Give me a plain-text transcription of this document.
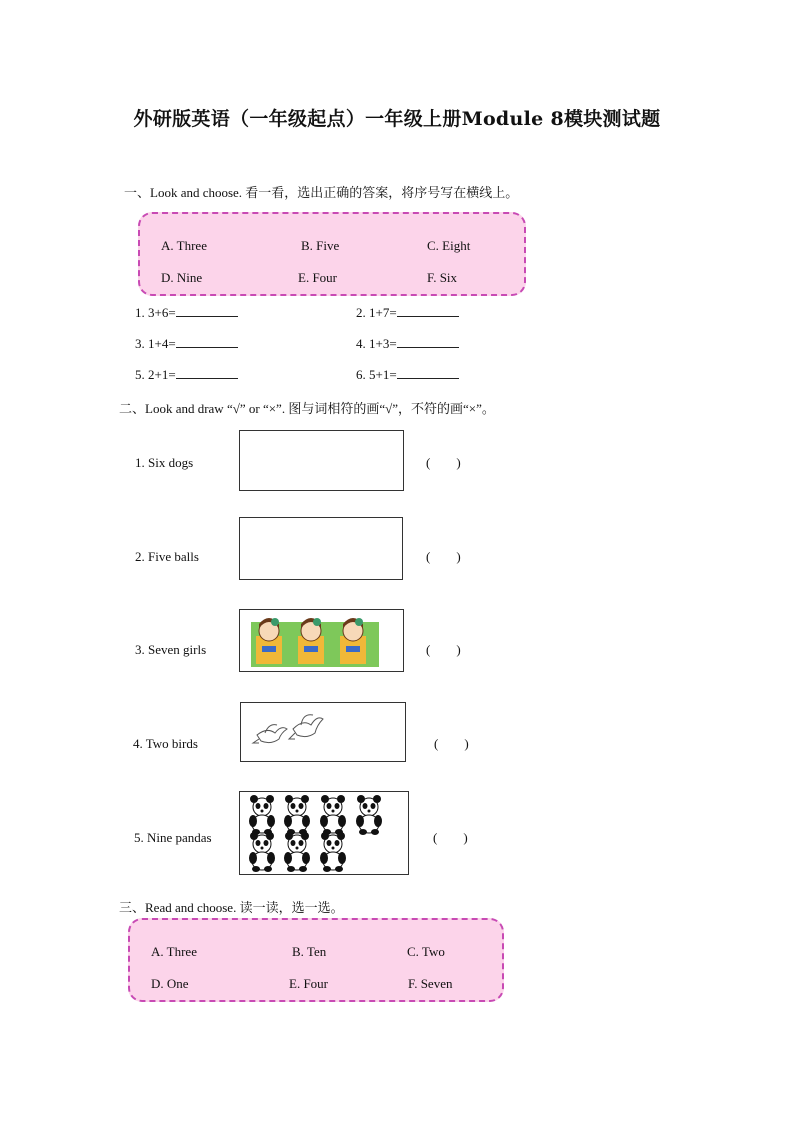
外研版英语（一年级起点）一年级上册Module 8模块测试题
一、Look and choose. 看一看，选出正确的答案，将序号写在横线上。
A. Three	B. Five	C. Eight
D. Nine	E. Four	F. Six
1. 3+6=	2. 1+7=
3. 1+4=	4. 1+3=
5. 2+1=	6. 5+1=
二、Look and draw “√” or “×”. 图与词相符的画“√”，不符的画“×”。
1. Six dogs	(        )
2. Five balls	(        )
3. Seven girls	(        )
4. Two birds	(        )
5. Nine pandas	(        )
三、Read and choose. 读一读，选一选。
A. Three	B. Ten	C. Two
D. One	E. Four	F. Seven
